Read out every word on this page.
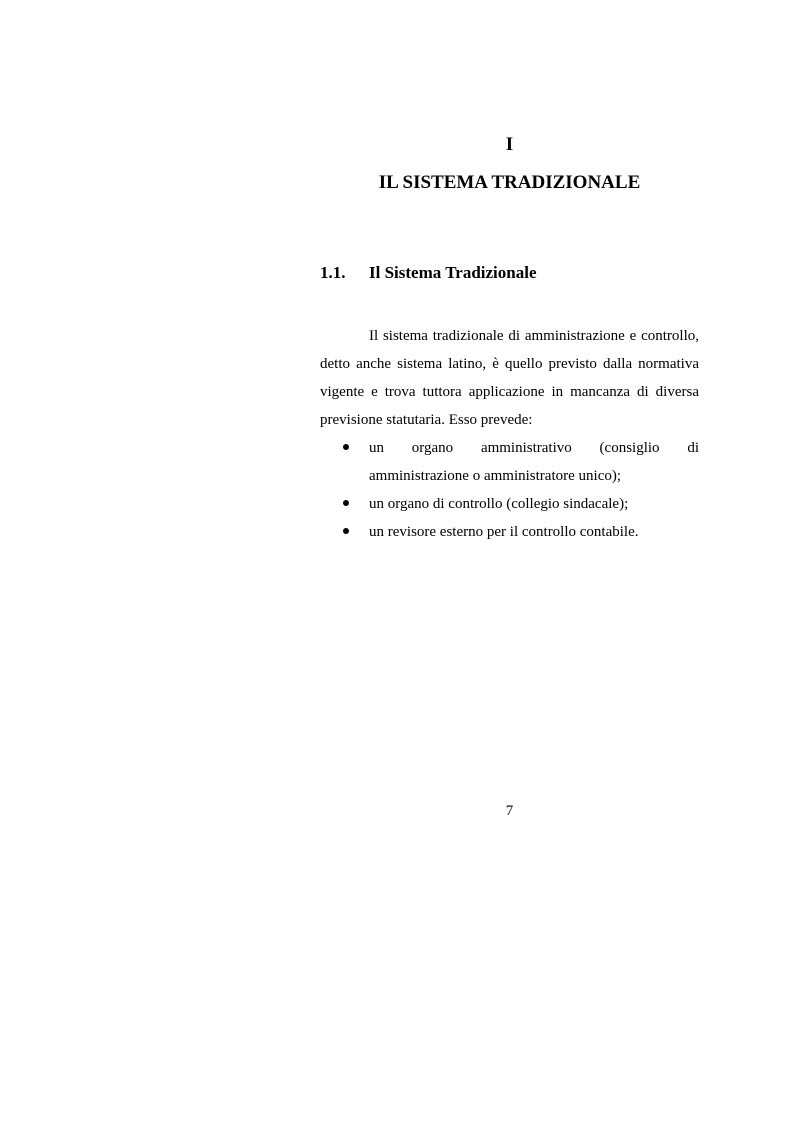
I
IL SISTEMA TRADIZIONALE
1.1. Il Sistema Tradizionale

Il sistema tradizionale di amministrazione e controllo, detto anche sistema latino, è quello previsto dalla normativa vigente e trova tuttora applicazione in mancanza di diversa previsione statutaria. Esso prevede:

un organo amministrativo (consiglio di amministrazione o amministratore unico);
un organo di controllo (collegio sindacale);
un revisore esterno per il controllo contabile.
7
